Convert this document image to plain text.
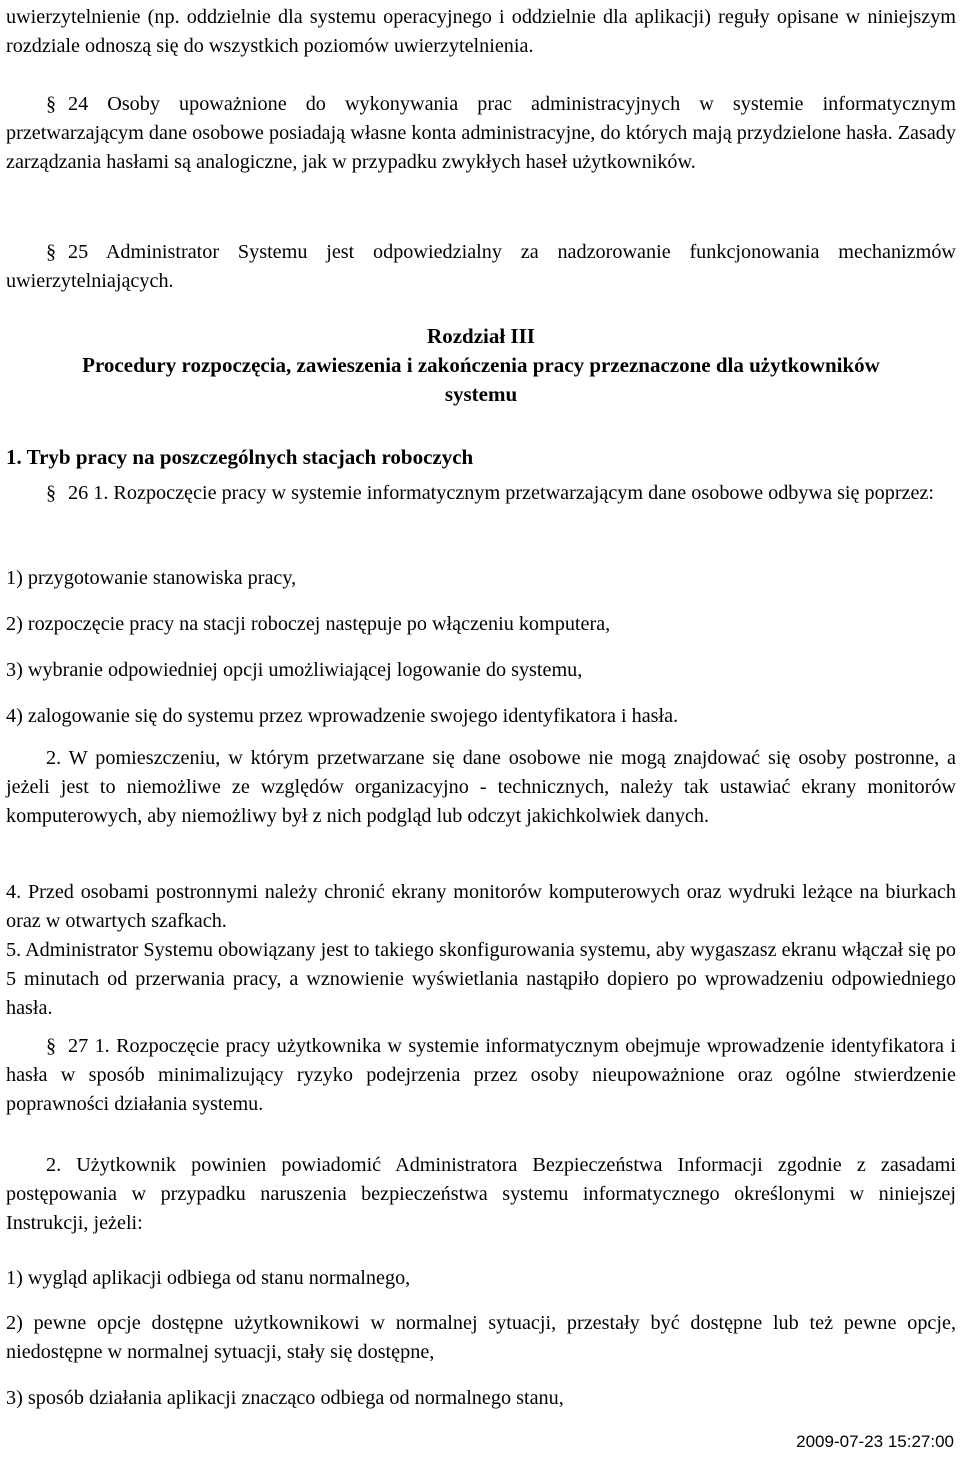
uwierzytelnienie (np. oddzielnie dla systemu operacyjnego i oddzielnie dla aplikacji) reguły opisane w niniejszym rozdziale odnoszą się do wszystkich poziomów uwierzytelnienia.

§ 24 Osoby upoważnione do wykonywania prac administracyjnych w systemie informatycznym przetwarzającym dane osobowe posiadają własne konta administracyjne, do których mają przydzielone hasła. Zasady zarządzania hasłami są analogiczne, jak w przypadku zwykłych haseł użytkowników.

§ 25 Administrator Systemu jest odpowiedzialny za nadzorowanie funkcjonowania mechanizmów uwierzytelniających.

Rozdział III

Procedury rozpoczęcia, zawieszenia i zakończenia pracy przeznaczone dla użytkowników systemu

1. Tryb pracy na poszczególnych stacjach roboczych

§ 26 1. Rozpoczęcie pracy w systemie informatycznym przetwarzającym dane osobowe odbywa się poprzez:

1) przygotowanie stanowiska pracy,

2) rozpoczęcie pracy na stacji roboczej następuje po włączeniu komputera,

3) wybranie odpowiedniej opcji umożliwiającej logowanie do systemu,

4) zalogowanie się do systemu przez wprowadzenie swojego identyfikatora i hasła.

2. W pomieszczeniu, w którym przetwarzane się dane osobowe nie mogą znajdować się osoby postronne, a jeżeli jest to niemożliwe ze względów organizacyjno - technicznych, należy tak ustawiać ekrany monitorów komputerowych, aby niemożliwy był z nich podgląd lub odczyt jakichkolwiek danych.

4. Przed osobami postronnymi należy chronić ekrany monitorów komputerowych oraz wydruki leżące na biurkach oraz w otwartych szafkach.

5. Administrator Systemu obowiązany jest to takiego skonfigurowania systemu, aby wygaszasz ekranu włączał się po 5 minutach od przerwania pracy, a wznowienie wyświetlania nastąpiło dopiero po wprowadzeniu odpowiedniego hasła.

§ 27 1. Rozpoczęcie pracy użytkownika w systemie informatycznym obejmuje wprowadzenie identyfikatora i hasła w sposób minimalizujący ryzyko podejrzenia przez osoby nieupoważnione oraz ogólne stwierdzenie poprawności działania systemu.

2. Użytkownik powinien powiadomić Administratora Bezpieczeństwa Informacji zgodnie z zasadami postępowania w przypadku naruszenia bezpieczeństwa systemu informatycznego określonymi w niniejszej Instrukcji, jeżeli:

1) wygląd aplikacji odbiega od stanu normalnego,

2) pewne opcje dostępne użytkownikowi w normalnej sytuacji, przestały być dostępne lub też pewne opcje, niedostępne w normalnej sytuacji, stały się dostępne,

3) sposób działania aplikacji znacząco odbiega od normalnego stanu,

2009-07-23 15:27:00
